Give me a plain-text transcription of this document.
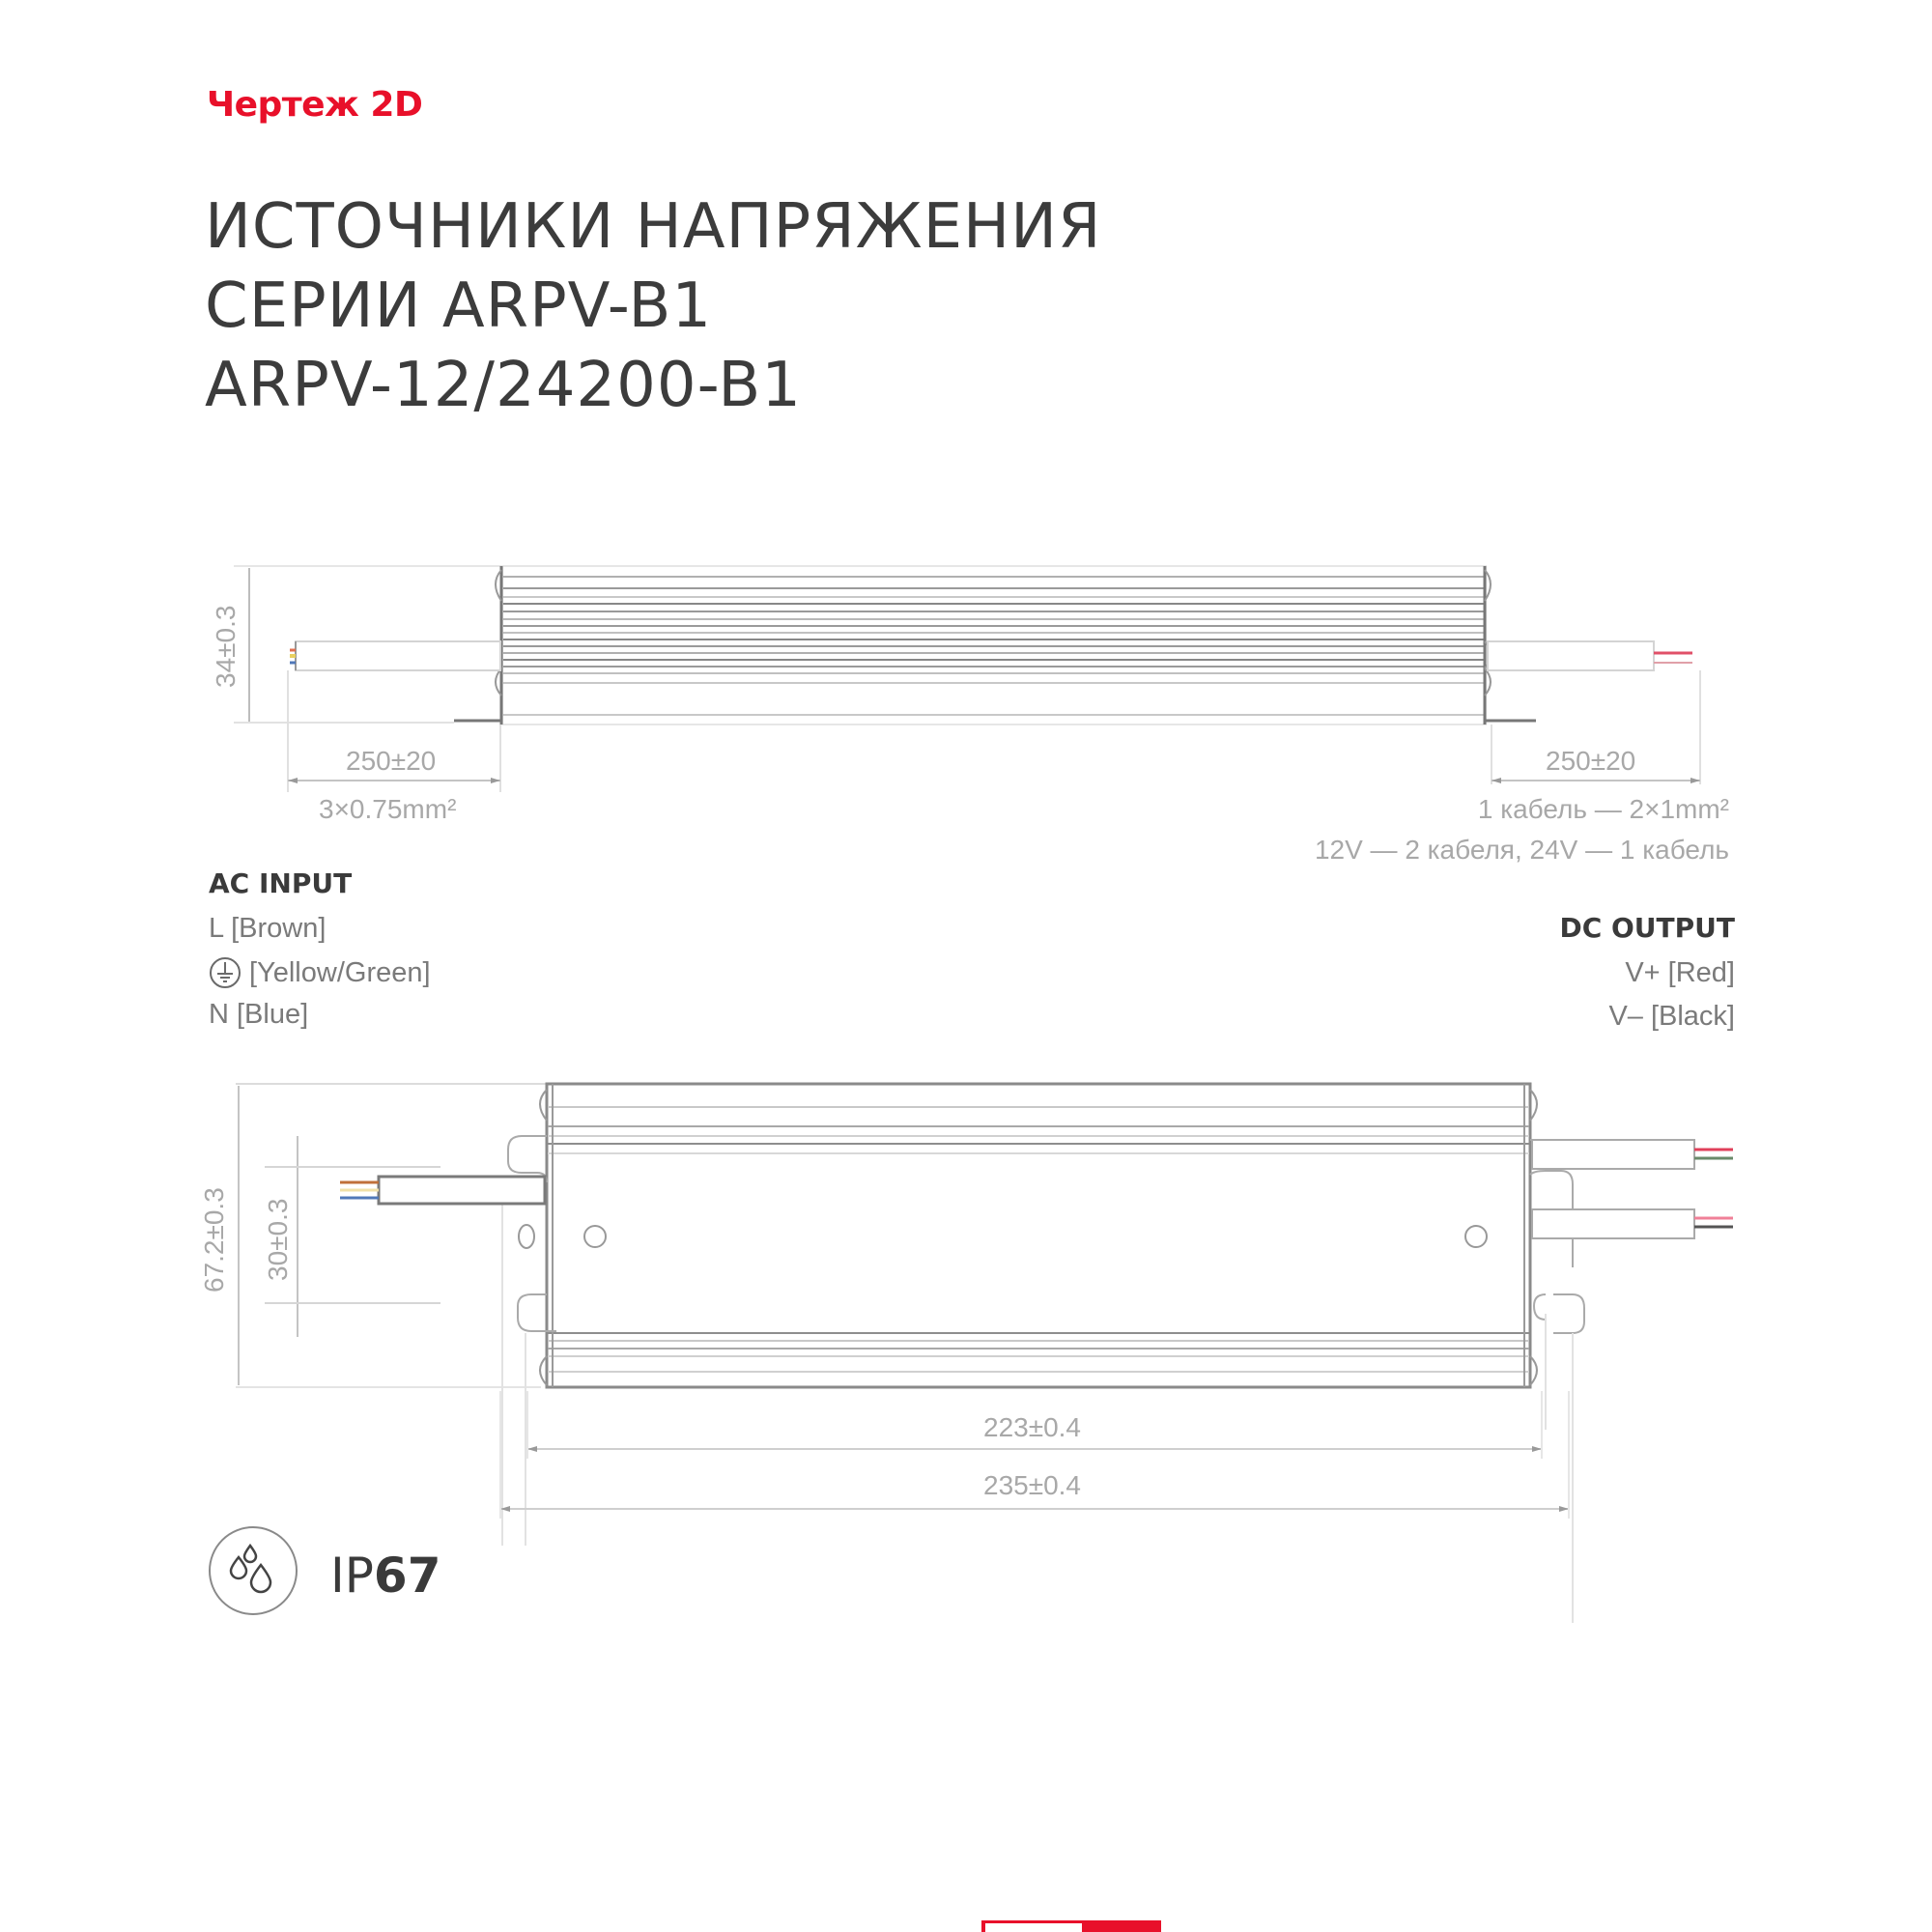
Чертеж 2D
ИСТОЧНИКИ НАПРЯЖЕНИЯ
СЕРИИ ARPV-B1
ARPV-12/24200-B1
34±0.3
250±20
3×0.75mm²
250±20
1 кабель — 2×1mm²
12V — 2 кабеля, 24V — 1 кабель
AC INPUT
L [Brown]
[Yellow/Green]
N [Blue]
DC OUTPUT
V+ [Red]
V– [Black]
67.2±0.3 30±0.3
223±0.4
235±0.4
IP67
